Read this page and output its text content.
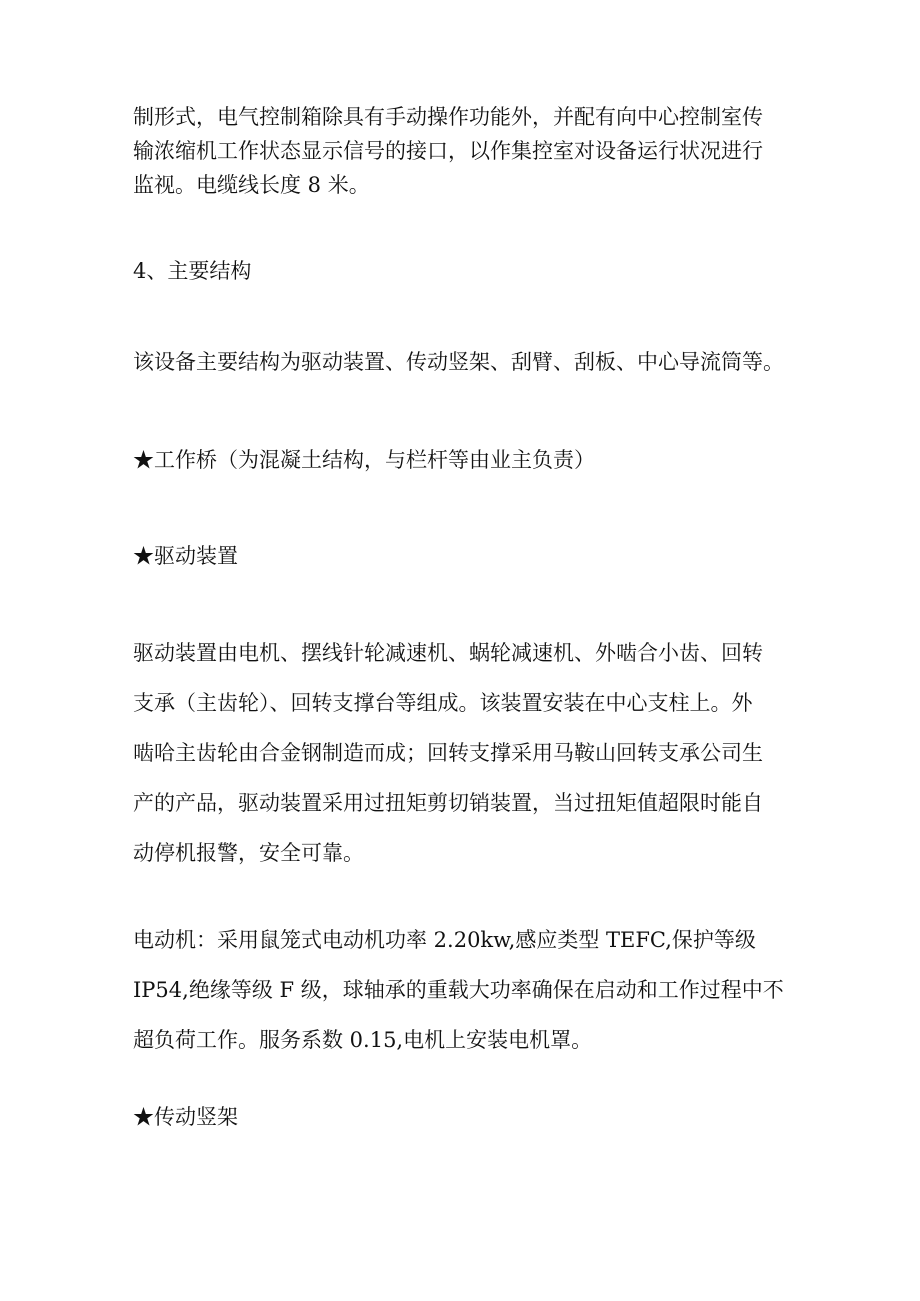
制形式，电气控制箱除具有手动操作功能外，并配有向中心控制室传
输浓缩机工作状态显示信号的接口，以作集控室对设备运行状况进行
监视。电缆线长度 8 米。
4、主要结构
该设备主要结构为驱动装置、传动竖架、刮臂、刮板、中心导流筒等。
★工作桥（为混凝土结构，与栏杆等由业主负责）
★驱动装置
驱动装置由电机、摆线针轮减速机、蜗轮减速机、外啮合小齿、回转
支承（主齿轮）、回转支撑台等组成。该装置安装在中心支柱上。外
啮哈主齿轮由合金钢制造而成；回转支撑采用马鞍山回转支承公司生
产的产品，驱动装置采用过扭矩剪切销装置，当过扭矩值超限时能自
动停机报警，安全可靠。
电动机：采用鼠笼式电动机功率 2.20kw,感应类型 TEFC,保护等级
IP54,绝缘等级 F 级，球轴承的重载大功率确保在启动和工作过程中不
超负荷工作。服务系数 0.15,电机上安装电机罩。
★传动竖架
